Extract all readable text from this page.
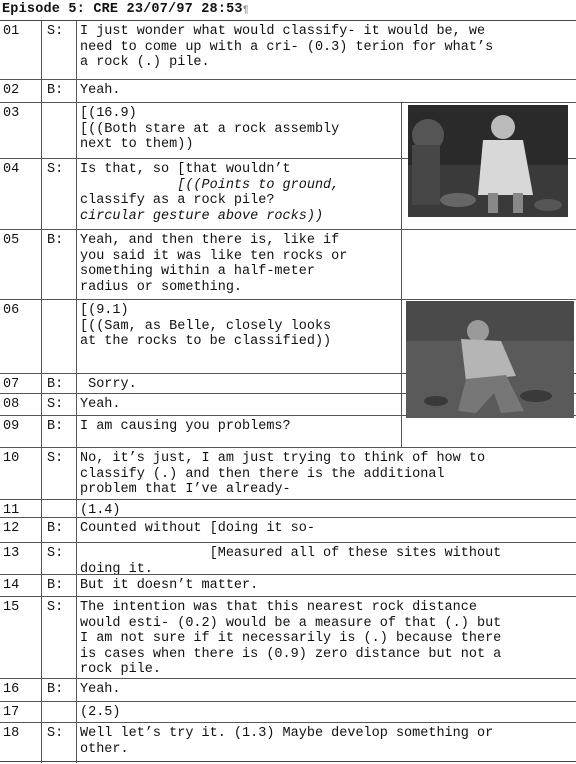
Episode 5: CRE 23/07/97 28:53¶
01 S: I just wonder what would classify- it would be, we
need to come up with a cri- (0.3) terion for what’s
a rock (.) pile.
02 B: Yeah.
03	[(16.9)
[((Both stare at a rock assembly
next to them))
04 S: Is that, so [that wouldn’t
[((Points to ground,
classify as a rock pile?
circular gesture above rocks))
05 B: Yeah, and then there is, like if
you said it was like ten rocks or
something within a half-meter
radius or something.
06	[(9.1)
[((Sam, as Belle, closely looks
at the rocks to be classified))
07 B: Sorry.
08 S: Yeah.
09 B: I am causing you problems?
10 S: No, it’s just, I am just trying to think of how to
classify (.) and then there is the additional
problem that I’ve already-
11	(1.4)
12 B: Counted without [doing it so-
13 S: [Measured all of these sites without
doing it.
14 B: But it doesn’t matter.
15 S: The intention was that this nearest rock distance
would esti- (0.2) would be a measure of that (.) but
I am not sure if it necessarily is (.) because there
is cases when there is (0.9) zero distance but not a
rock pile.
16 B: Yeah.
17	(2.5)
18 S: Well let’s try it. (1.3) Maybe develop something or
other.
